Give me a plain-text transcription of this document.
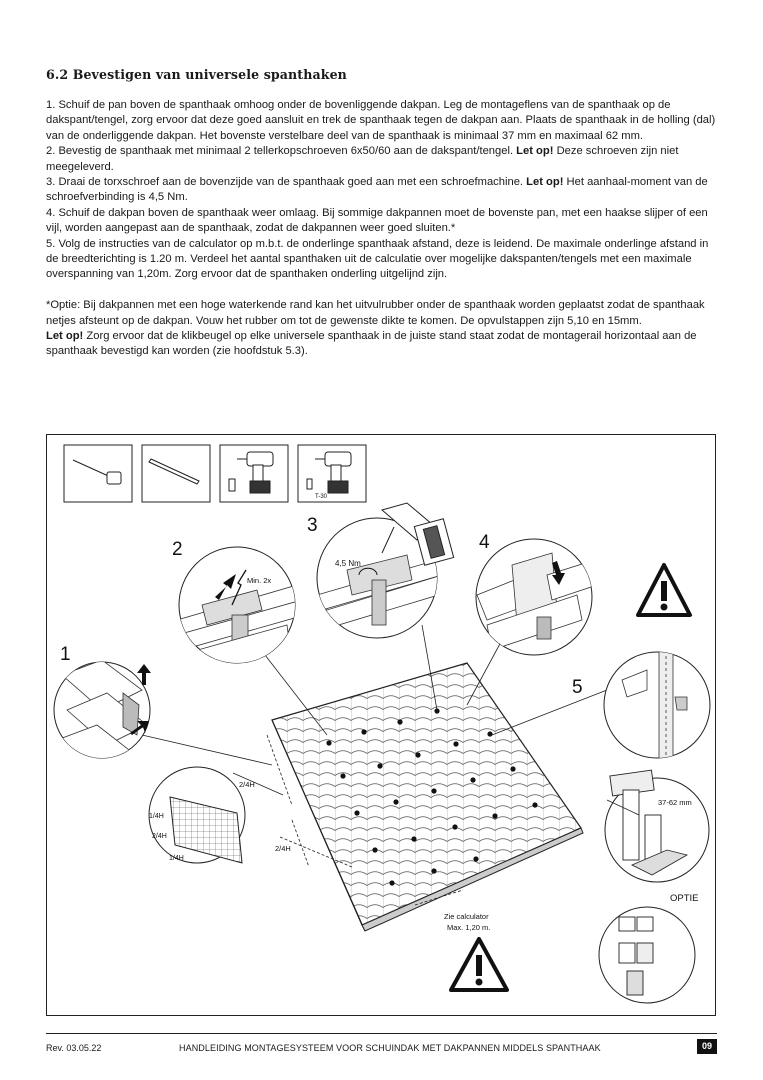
6.2 Bevestigen van universele spanthaken

1. Schuif de pan boven de spanthaak omhoog onder de bovenliggende dakpan. Leg de montageflens van de spanthaak op de dakspant/tengel, zorg ervoor dat deze goed aansluit en trek de spanthaak tegen de dakpan aan. Plaats de spanthaak in de holling (dal) van de onderliggende dakpan. Het bovenste verstelbare deel van de spanthaak is minimaal 37 mm en maximaal 62 mm.

2. Bevestig de spanthaak met minimaal 2 tellerkopschroeven 6x50/60 aan de dakspant/tengel. Let op! Deze schroeven zijn niet meegeleverd.

3. Draai de torxschroef aan de bovenzijde van de spanthaak goed aan met een schroefmachine. Let op! Het aanhaal-moment van de schroefverbinding is 4,5 Nm.

4. Schuif de dakpan boven de spanthaak weer omlaag. Bij sommige dakpannen moet de bovenste pan, met een haakse slijper of een vijl, worden aangepast aan de spanthaak, zodat de dakpannen weer goed sluiten.*

5. Volg de instructies van de calculator op m.b.t. de onderlinge spanthaak afstand, deze is leidend. De maximale onderlinge afstand in de breedterichting is 1.20 m. Verdeel het aantal spanthaken uit de calculatie over mogelijke dakspanten/tengels met een maximale overspanning van 1,20m. Zorg ervoor dat de spanthaken onderling uitgelijnd zijn.

*Optie: Bij dakpannen met een hoge waterkende rand kan het uitvulrubber onder de spanthaak worden geplaatst zodat de spanthaak netjes afsteunt op de dakpan. Vouw het rubber om tot de gewenste dikte te komen. De opvulstappen zijn 5,10 en 15mm.

Let op! Zorg ervoor dat de klikbeugel op elke universele spanthaak in de juiste stand staat zodat de montagerail horizontaal aan de spanthaak bevestigd kan worden (zie hoofdstuk 5.3).

T-30
2/4H
2/4H
Zie calculator
Max. 1,20 m.
1/4H
2/4H
1/4H
1
Min. 2x
2
4,5 Nm
3
4
5
37-62 mm
OPTIE
Rev. 03.05.22	HANDLEIDING MONTAGESYSTEEM VOOR SCHUINDAK MET DAKPANNEN MIDDELS SPANTHAAK	09
